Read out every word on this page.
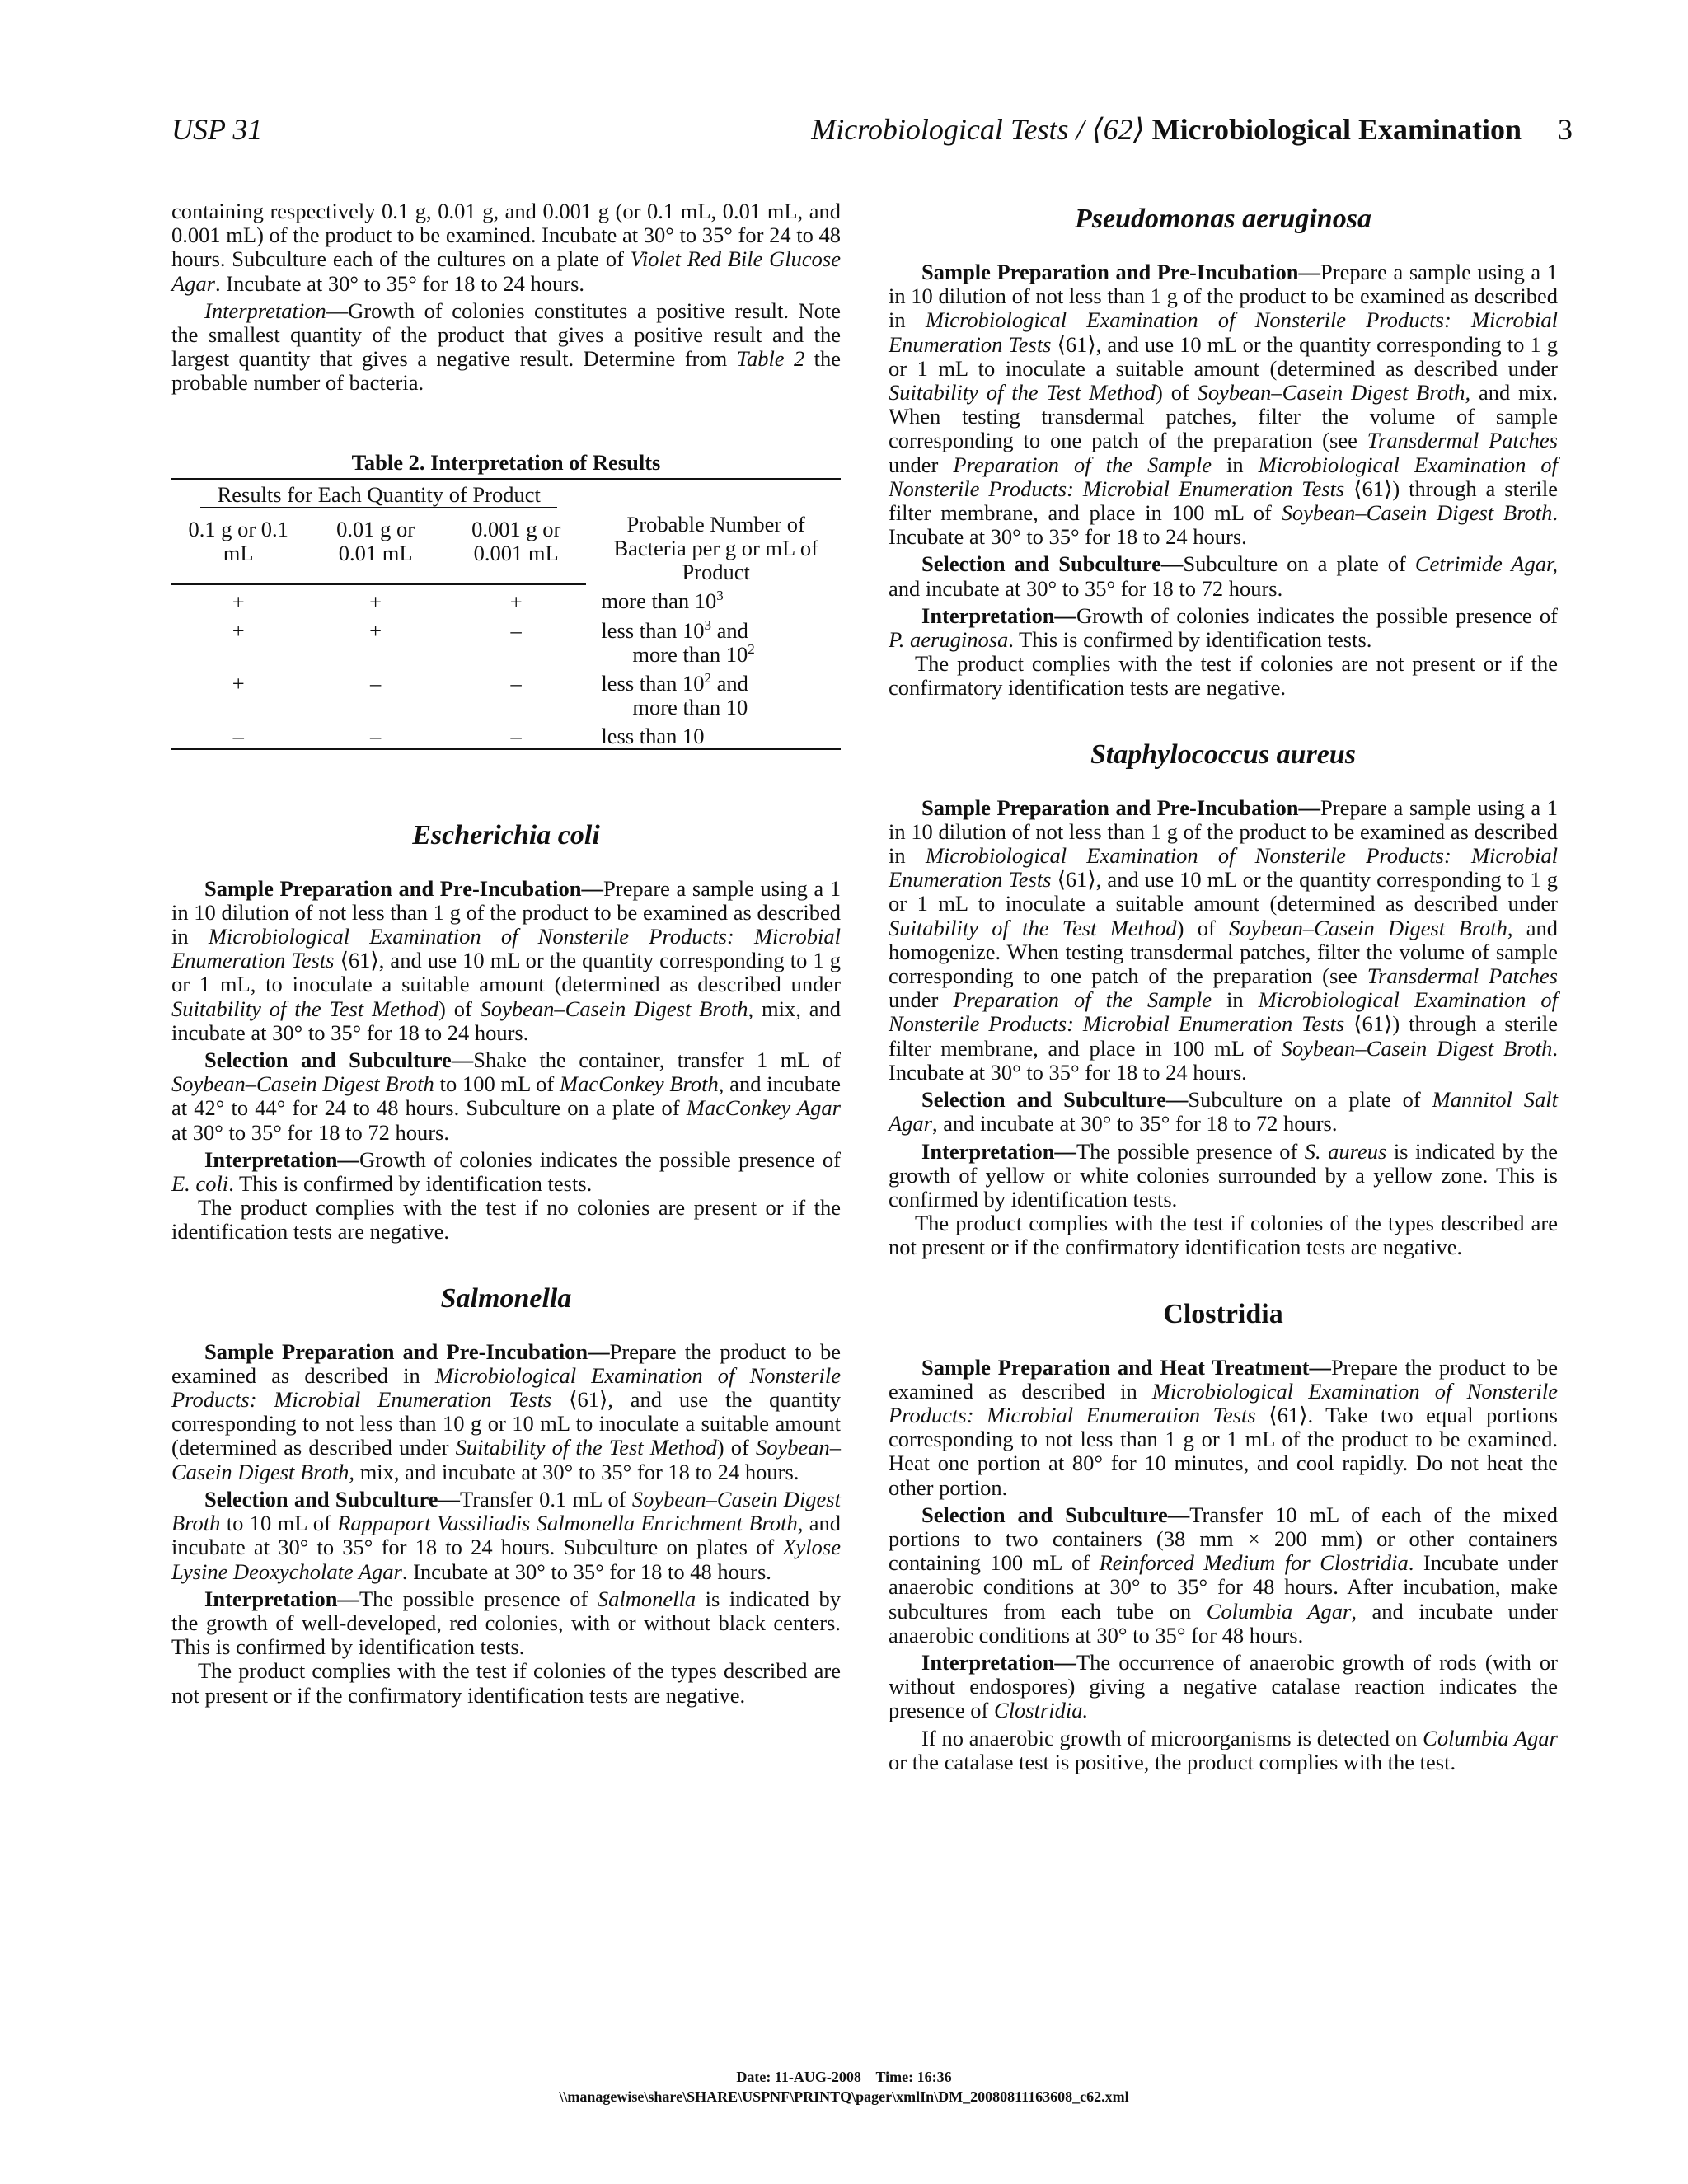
USP 31	Microbiological Tests / ⟨62⟩ Microbiological Examination 3

containing respectively 0.1 g, 0.01 g, and 0.001 g (or 0.1 mL, 0.01 mL, and 0.001 mL) of the product to be examined. Incubate at 30° to 35° for 24 to 48 hours. Subculture each of the cultures on a plate of Violet Red Bile Glucose Agar. Incubate at 30° to 35° for 18 to 24 hours.

Interpretation—Growth of colonies constitutes a positive result. Note the smallest quantity of the product that gives a positive result and the largest quantity that gives a negative result. Determine from Table 2 the probable number of bacteria.

Table 2. Interpretation of Results

Results for Each Quantity of Product			Probable Number of Bacteria per g or mL of Product
0.1 g or 0.1 mL	0.01 g or 0.01 mL	0.001 g or 0.001 mL	
+	+	+	more than $10^3$
+	+	–	less than $10^3$ and
more than $10^2$

+	–	–	less than $10^2$ and
more than 10

–	–	–	less than 10
Escherichia coli

Sample Preparation and Pre-Incubation—Prepare a sample using a 1 in 10 dilution of not less than 1 g of the product to be examined as described in Microbiological Examination of Nonsterile Products: Microbial Enumeration Tests ⟨61⟩, and use 10 mL or the quantity corresponding to 1 g or 1 mL, to inoculate a suitable amount (determined as described under Suitability of the Test Method) of Soybean–Casein Digest Broth, mix, and incubate at 30° to 35° for 18 to 24 hours.

Selection and Subculture—Shake the container, transfer 1 mL of Soybean–Casein Digest Broth to 100 mL of MacConkey Broth, and incubate at 42° to 44° for 24 to 48 hours. Subculture on a plate of MacConkey Agar at 30° to 35° for 18 to 72 hours.

Interpretation—Growth of colonies indicates the possible presence of E. coli. This is confirmed by identification tests.

The product complies with the test if no colonies are present or if the identification tests are negative.

Salmonella

Sample Preparation and Pre-Incubation—Prepare the product to be examined as described in Microbiological Examination of Nonsterile Products: Microbial Enumeration Tests ⟨61⟩, and use the quantity corresponding to not less than 10 g or 10 mL to inoculate a suitable amount (determined as described under Suitability of the Test Method) of Soybean–Casein Digest Broth, mix, and incubate at 30° to 35° for 18 to 24 hours.

Selection and Subculture—Transfer 0.1 mL of Soybean–Casein Digest Broth to 10 mL of Rappaport Vassiliadis Salmonella Enrichment Broth, and incubate at 30° to 35° for 18 to 24 hours. Subculture on plates of Xylose Lysine Deoxycholate Agar. Incubate at 30° to 35° for 18 to 48 hours.

Interpretation—The possible presence of Salmonella is indicated by the growth of well-developed, red colonies, with or without black centers. This is confirmed by identification tests.

The product complies with the test if colonies of the types described are not present or if the confirmatory identification tests are negative.

Pseudomonas aeruginosa

Sample Preparation and Pre-Incubation—Prepare a sample using a 1 in 10 dilution of not less than 1 g of the product to be examined as described in Microbiological Examination of Nonsterile Products: Microbial Enumeration Tests ⟨61⟩, and use 10 mL or the quantity corresponding to 1 g or 1 mL to inoculate a suitable amount (determined as described under Suitability of the Test Method) of Soybean–Casein Digest Broth, and mix. When testing transdermal patches, filter the volume of sample corresponding to one patch of the preparation (see Transdermal Patches under Preparation of the Sample in Microbiological Examination of Nonsterile Products: Microbial Enumeration Tests ⟨61⟩) through a sterile filter membrane, and place in 100 mL of Soybean–Casein Digest Broth. Incubate at 30° to 35° for 18 to 24 hours.

Selection and Subculture—Subculture on a plate of Cetrimide Agar, and incubate at 30° to 35° for 18 to 72 hours.

Interpretation—Growth of colonies indicates the possible presence of P. aeruginosa. This is confirmed by identification tests.

The product complies with the test if colonies are not present or if the confirmatory identification tests are negative.

Staphylococcus aureus

Sample Preparation and Pre-Incubation—Prepare a sample using a 1 in 10 dilution of not less than 1 g of the product to be examined as described in Microbiological Examination of Nonsterile Products: Microbial Enumeration Tests ⟨61⟩, and use 10 mL or the quantity corresponding to 1 g or 1 mL to inoculate a suitable amount (determined as described under Suitability of the Test Method) of Soybean–Casein Digest Broth, and homogenize. When testing transdermal patches, filter the volume of sample corresponding to one patch of the preparation (see Transdermal Patches under Preparation of the Sample in Microbiological Examination of Nonsterile Products: Microbial Enumeration Tests ⟨61⟩) through a sterile filter membrane, and place in 100 mL of Soybean–Casein Digest Broth. Incubate at 30° to 35° for 18 to 24 hours.

Selection and Subculture—Subculture on a plate of Mannitol Salt Agar, and incubate at 30° to 35° for 18 to 72 hours.

Interpretation—The possible presence of S. aureus is indicated by the growth of yellow or white colonies surrounded by a yellow zone. This is confirmed by identification tests.

The product complies with the test if colonies of the types described are not present or if the confirmatory identification tests are negative.

Clostridia

Sample Preparation and Heat Treatment—Prepare the product to be examined as described in Microbiological Examination of Nonsterile Products: Microbial Enumeration Tests ⟨61⟩. Take two equal portions corresponding to not less than 1 g or 1 mL of the product to be examined. Heat one portion at 80° for 10 minutes, and cool rapidly. Do not heat the other portion.

Selection and Subculture—Transfer 10 mL of each of the mixed portions to two containers (38 mm × 200 mm) or other containers containing 100 mL of Reinforced Medium for Clostridia. Incubate under anaerobic conditions at 30° to 35° for 48 hours. After incubation, make subcultures from each tube on Columbia Agar, and incubate under anaerobic conditions at 30° to 35° for 48 hours.

Interpretation—The occurrence of anaerobic growth of rods (with or without endospores) giving a negative catalase reaction indicates the presence of Clostridia.

If no anaerobic growth of microorganisms is detected on Columbia Agar or the catalase test is positive, the product complies with the test.

Date: 11-AUG-2008    Time: 16:36
\\managewise\share\SHARE\USPNF\PRINTQ\pager\xmlIn\DM_20080811163608_c62.xml
